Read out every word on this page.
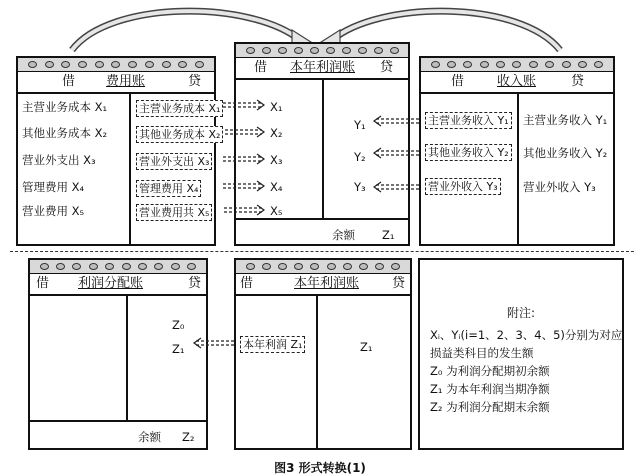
借 费用账	贷
主营业务成本 X₁
其他业务成本 X₂
营业外支出 X₃
管理费用 X₄
营业费用 X₅
主营业务成本 X₁
其他业务成本 X₂
营业外支出 X₃
管理费用 X₄
营业费用共 X₅
借 本年利润账 贷
X₁
X₂
X₃
X₄
X₅
Y₁
Y₂
Y₃
余额 Z₁
借	收入账	贷
主营业务收入 Y₁
其他业务收入 Y₂
营业外收入 Y₃
主营业务收入 Y₁
其他业务收入 Y₂
营业外收入 Y₃
借 利润分配账	贷
Z₀
Z₁
余额 Z₂
借	本年利润账	贷
本年利润 Z₁	Z₁
附注:
Xᵢ、Yᵢ(i=1、2、3、4、5)分别为对应
损益类科目的发生额
Z₀ 为利润分配期初余额
Z₁ 为本年利润当期净额
Z₂ 为利润分配期末余额
图3 形式转换(1)
